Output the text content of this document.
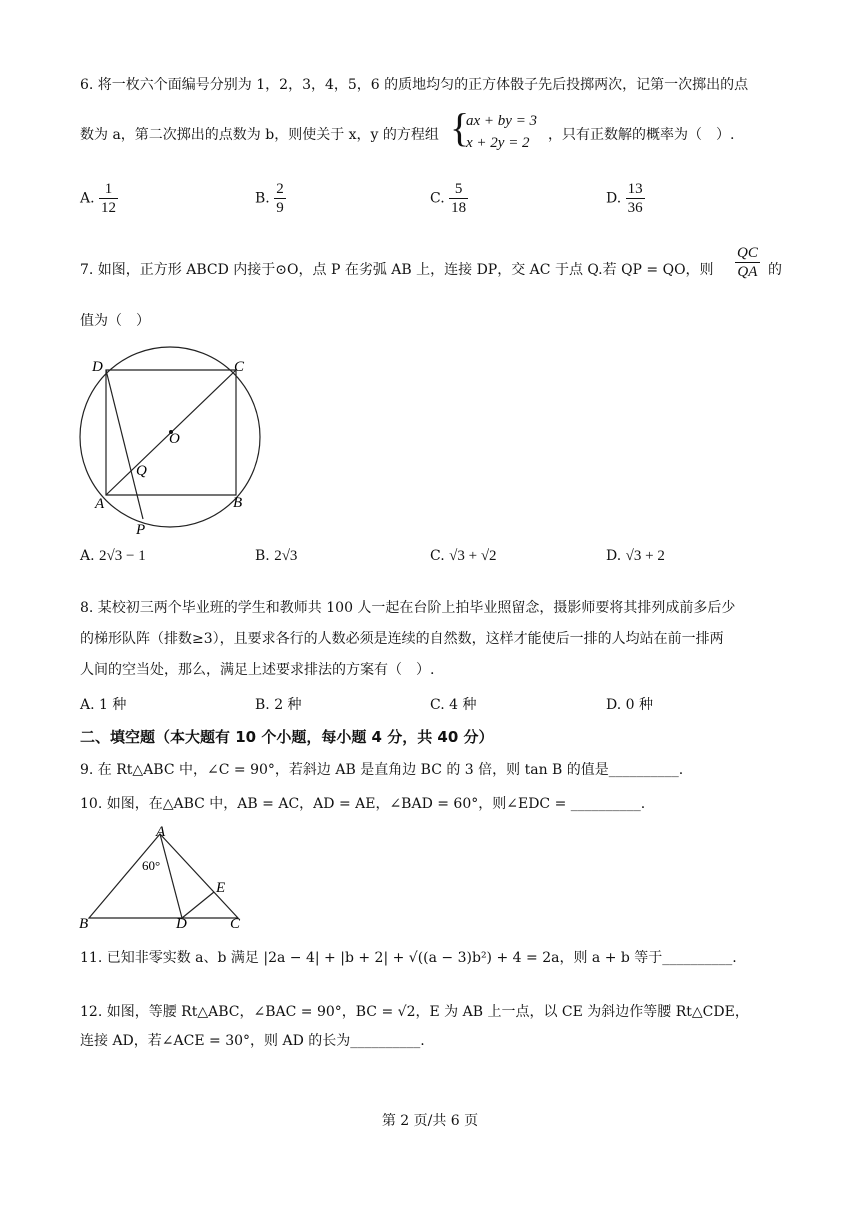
6. 将一枚六个面编号分别为 1，2，3，4，5，6 的质地均匀的正方体骰子先后投掷两次，记第一次掷出的点
数为 a，第二次掷出的点数为 b，则使关于 x，y 的方程组 {
ax + by = 3
x + 2y = 2	，只有正数解的概率为（　）.
A. $\frac{1}{12}$	B. $\frac{2}{9}$	C. $\frac{5}{18}$	D. $\frac{13}{36}$
7. 如图，正方形 ABCD 内接于⊙O，点 P 在劣弧 AB 上，连接 DP，交 AC 于点 Q.若 QP = QO，则 $\frac{QC}{QA}$ 的
值为（　）
D	C
O
Q
A	B
P
A. 2√3 − 1	B. 2√3	C. √3 + √2	D. √3 + 2
8. 某校初三两个毕业班的学生和教师共 100 人一起在台阶上拍毕业照留念，摄影师要将其排列成前多后少
的梯形队阵（排数≥3），且要求各行的人数必须是连续的自然数，这样才能使后一排的人均站在前一排两
人间的空当处，那么，满足上述要求排法的方案有（　）.
A. 1 种	B. 2 种	C. 4 种	D. 0 种
二、填空题（本大题有 10 个小题，每小题 4 分，共 40 分）
9. 在 Rt△ABC 中，∠C = 90°，若斜边 AB 是直角边 BC 的 3 倍，则 tan B 的值是__________.
10. 如图，在△ABC 中，AB = AC，AD = AE，∠BAD = 60°，则∠EDC = __________.
A
60°
E
B	D	C
11. 已知非零实数 a、b 满足 |2a − 4| + |b + 2| + √((a − 3)b²) + 4 = 2a，则 a + b 等于__________.
12. 如图，等腰 Rt△ABC，∠BAC = 90°，BC = √2，E 为 AB 上一点，以 CE 为斜边作等腰 Rt△CDE，
连接 AD，若∠ACE = 30°，则 AD 的长为__________.
第 2 页/共 6 页
